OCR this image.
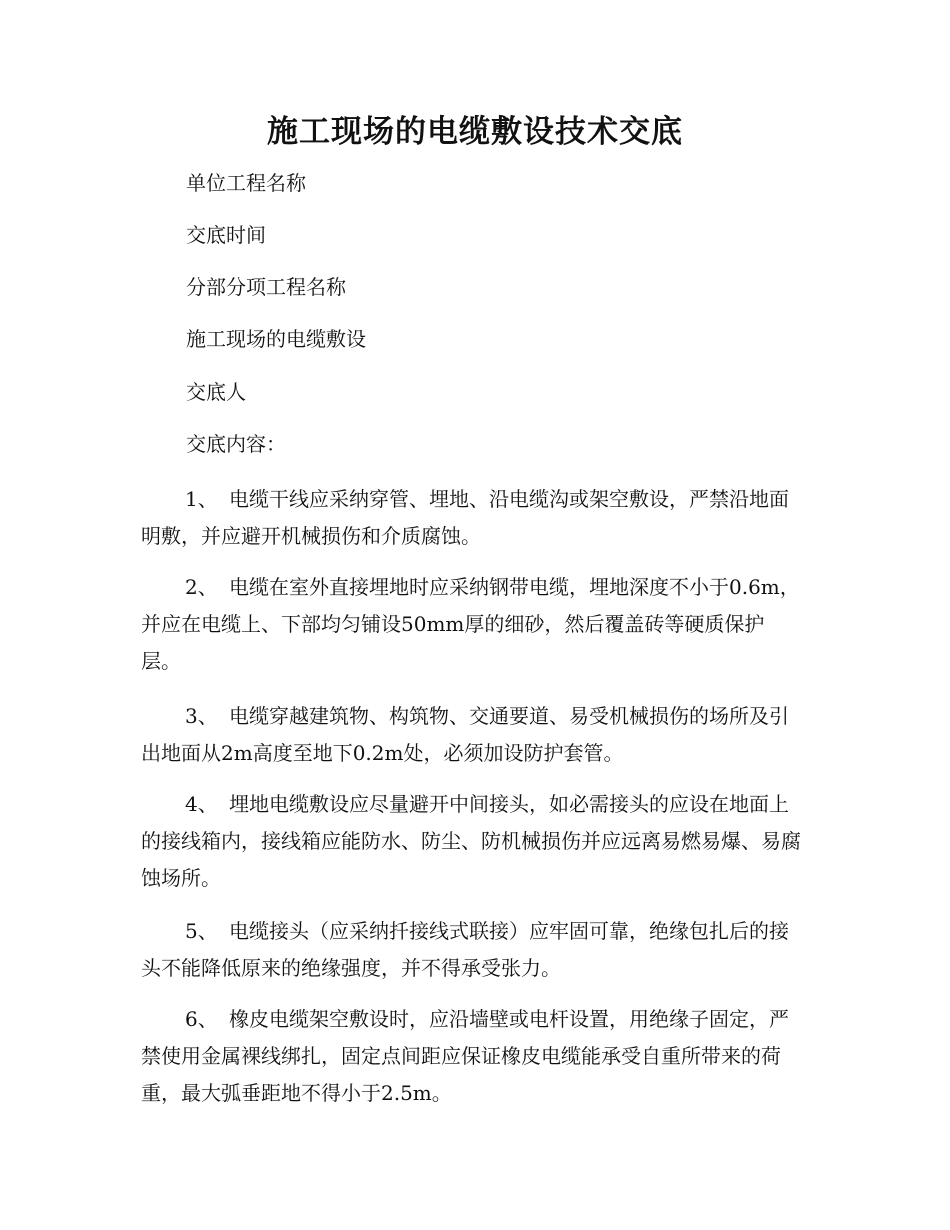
施工现场的电缆敷设技术交底

单位工程名称

交底时间

分部分项工程名称

施工现场的电缆敷设

交底人

交底内容：

1、 电缆干线应采纳穿管、埋地、沿电缆沟或架空敷设，严禁沿地面明敷，并应避开机械损伤和介质腐蚀。

2、 电缆在室外直接埋地时应采纳钢带电缆，埋地深度不小于0.6m，并应在电缆上、下部均匀铺设50mm厚的细砂，然后覆盖砖等硬质保护层。

3、 电缆穿越建筑物、构筑物、交通要道、易受机械损伤的场所及引出地面从2m高度至地下0.2m处，必须加设防护套管。

4、 埋地电缆敷设应尽量避开中间接头，如必需接头的应设在地面上的接线箱内，接线箱应能防水、防尘、防机械损伤并应远离易燃易爆、易腐蚀场所。

5、 电缆接头（应采纳扦接线式联接）应牢固可靠，绝缘包扎后的接头不能降低原来的绝缘强度，并不得承受张力。

6、 橡皮电缆架空敷设时，应沿墙壁或电杆设置，用绝缘子固定，严禁使用金属裸线绑扎，固定点间距应保证橡皮电缆能承受自重所带来的荷重，最大弧垂距地不得小于2.5m。
